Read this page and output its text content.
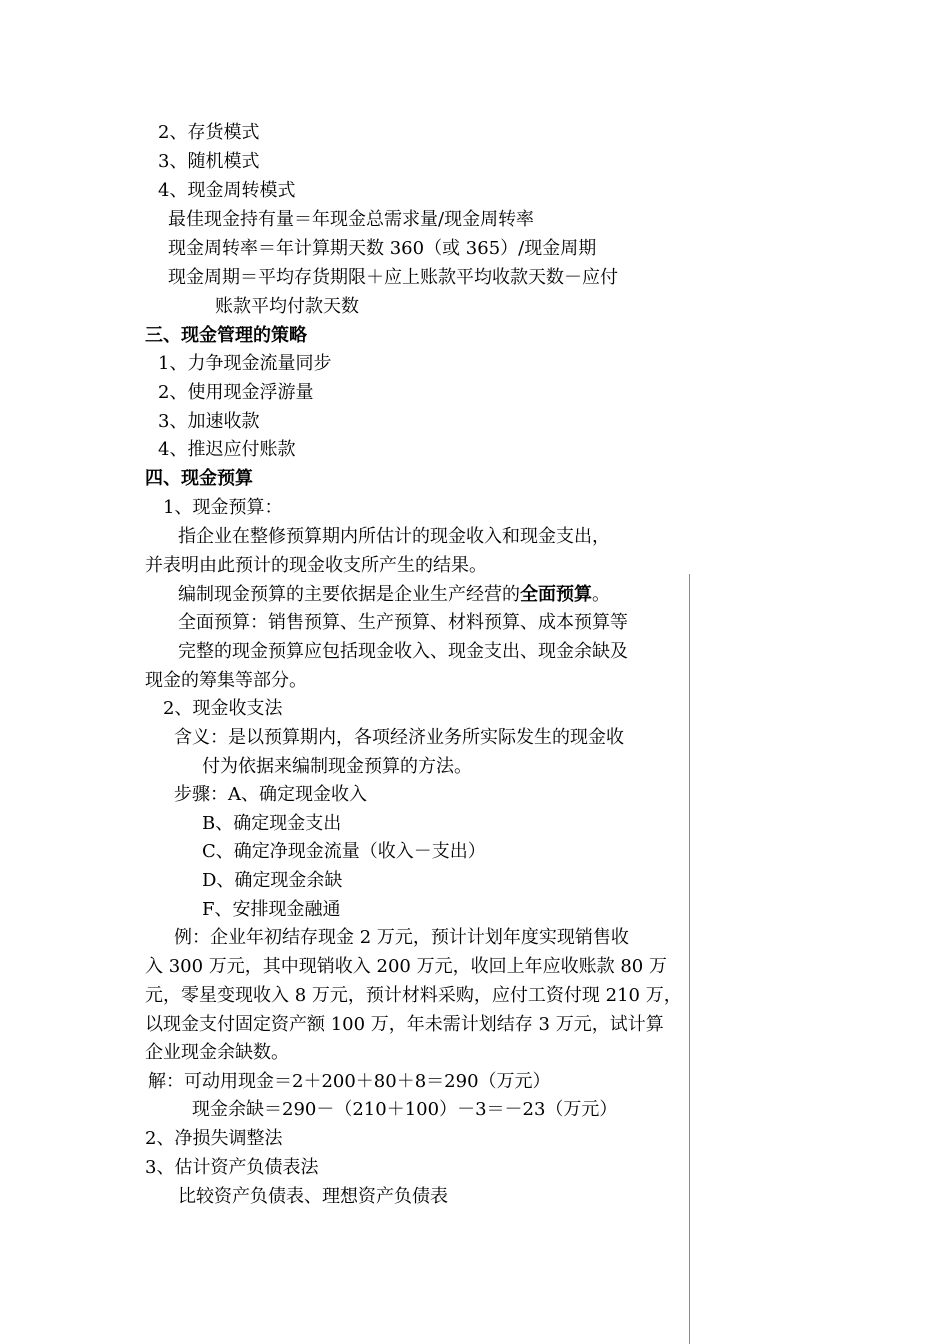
2、存货模式
3、随机模式
4、现金周转模式
最佳现金持有量＝年现金总需求量/现金周转率
现金周转率＝年计算期天数 360（或 365）/现金周期
现金周期＝平均存货期限＋应上账款平均收款天数－应付
账款平均付款天数
三、现金管理的策略
1、力争现金流量同步
2、使用现金浮游量
3、加速收款
4、推迟应付账款
四、现金预算
1、现金预算：
指企业在整修预算期内所估计的现金收入和现金支出，
并表明由此预计的现金收支所产生的结果。
编制现金预算的主要依据是企业生产经营的全面预算。
全面预算：销售预算、生产预算、材料预算、成本预算等
完整的现金预算应包括现金收入、现金支出、现金余缺及
现金的筹集等部分。
2、现金收支法
含义：是以预算期内，各项经济业务所实际发生的现金收
付为依据来编制现金预算的方法。
步骤：A、确定现金收入
B、确定现金支出
C、确定净现金流量（收入－支出）
D、确定现金余缺
F、安排现金融通
例：企业年初结存现金 2 万元，预计计划年度实现销售收
入 300 万元，其中现销收入 200 万元，收回上年应收账款 80 万
元，零星变现收入 8 万元，预计材料采购，应付工资付现 210 万，
以现金支付固定资产额 100 万，年未需计划结存 3 万元，试计算
企业现金余缺数。
解：可动用现金＝2＋200＋80＋8＝290（万元）
现金余缺＝290－（210＋100）－3＝－23（万元）
2、净损失调整法
3、估计资产负债表法
比较资产负债表、理想资产负债表
